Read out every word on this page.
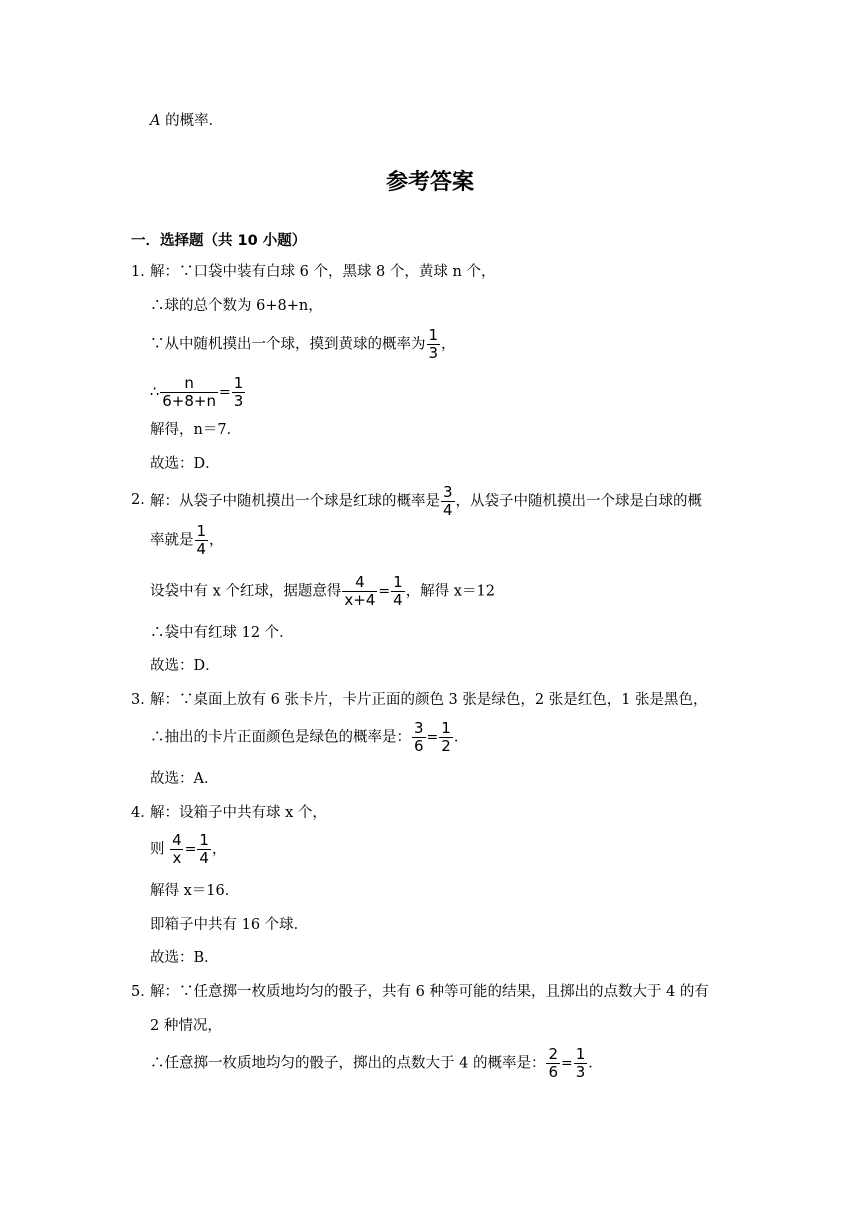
A 的概率．
参考答案
一．选择题（共 10 小题）
1．
解：∵口袋中装有白球 6 个，黑球 8 个，黄球 n 个，
∴球的总个数为 6+8+n，
∵从中随机摸出一个球，摸到黄球的概率为 $\frac{1}{3}$ ，
∴ $\frac{n}{6+8+n} = \frac{1}{3}$
解得，n＝7．
故选：D．
2．
解：从袋子中随机摸出一个球是红球的概率是 $\frac{3}{4}$ ，从袋子中随机摸出一个球是白球的概
率就是 $\frac{1}{4}$ ，
设袋中有 x 个红球，据题意得 $\frac{4}{x+4} = \frac{1}{4}$ ，解得 x＝12
∴袋中有红球 12 个．
故选：D．
3．
解：∵桌面上放有 6 张卡片，卡片正面的颜色 3 张是绿色，2 张是红色，1 张是黑色，
∴抽出的卡片正面颜色是绿色的概率是： $\frac{3}{6} = \frac{1}{2}$ ．
故选：A．
4．
解：设箱子中共有球 x 个，
则 $\frac{4}{x} = \frac{1}{4}$ ，
解得 x＝16．
即箱子中共有 16 个球．
故选：B．
5．
解：∵任意掷一枚质地均匀的骰子，共有 6 种等可能的结果，且掷出的点数大于 4 的有
2 种情况，
∴任意掷一枚质地均匀的骰子，掷出的点数大于 4 的概率是： $\frac{2}{6} = \frac{1}{3}$ ．
